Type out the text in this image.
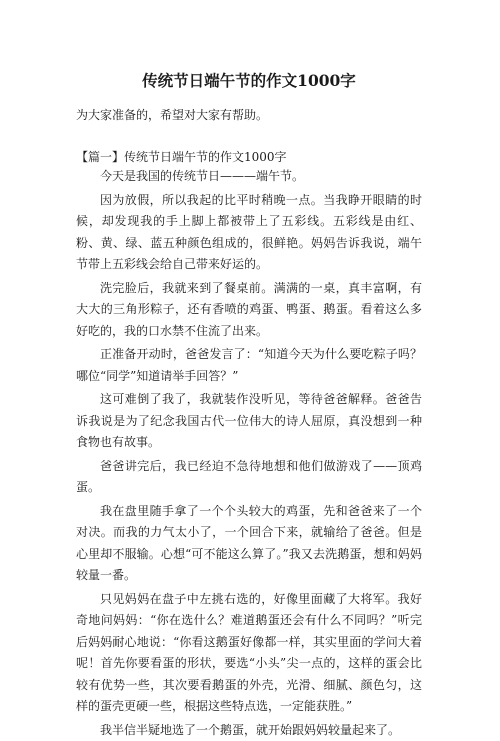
传统节日端午节的作文1000字

为大家准备的，希望对大家有帮助。

【篇一】传统节日端午节的作文1000字

今天是我国的传统节日———端午节。

因为放假，所以我起的比平时稍晚一点。当我睁开眼睛的时候，却发现我的手上脚上都被带上了五彩线。五彩线是由红、粉、黄、绿、蓝五种颜色组成的，很鲜艳。妈妈告诉我说，端午节带上五彩线会给自己带来好运的。

洗完脸后，我就来到了餐桌前。满满的一桌，真丰富啊，有大大的三角形粽子，还有香喷的鸡蛋、鸭蛋、鹅蛋。看着这么多好吃的，我的口水禁不住流了出来。

正准备开动时，爸爸发言了：“知道今天为什么要吃粽子吗？哪位“同学”知道请举手回答？”

这可难倒了我了，我就装作没听见，等待爸爸解释。爸爸告诉我说是为了纪念我国古代一位伟大的诗人屈原，真没想到一种食物也有故事。

爸爸讲完后，我已经迫不急待地想和他们做游戏了——顶鸡蛋。

我在盘里随手拿了一个个头较大的鸡蛋，先和爸爸来了一个对决。而我的力气太小了，一个回合下来，就输给了爸爸。但是心里却不服输。心想“可不能这么算了。”我又去洗鹅蛋，想和妈妈较量一番。

只见妈妈在盘子中左挑右选的，好像里面藏了大将军。我好奇地问妈妈：“你在选什么？难道鹅蛋还会有什么不同吗？”听完后妈妈耐心地说：“你看这鹅蛋好像都一样，其实里面的学问大着呢！首先你要看蛋的形状，要选“小头”尖一点的，这样的蛋会比较有优势一些，其次要看鹅蛋的外壳，光滑、细腻、颜色匀，这样的蛋壳更硬一些，根据这些特点选，一定能获胜。”

我半信半疑地选了一个鹅蛋，就开始跟妈妈较量起来了。
